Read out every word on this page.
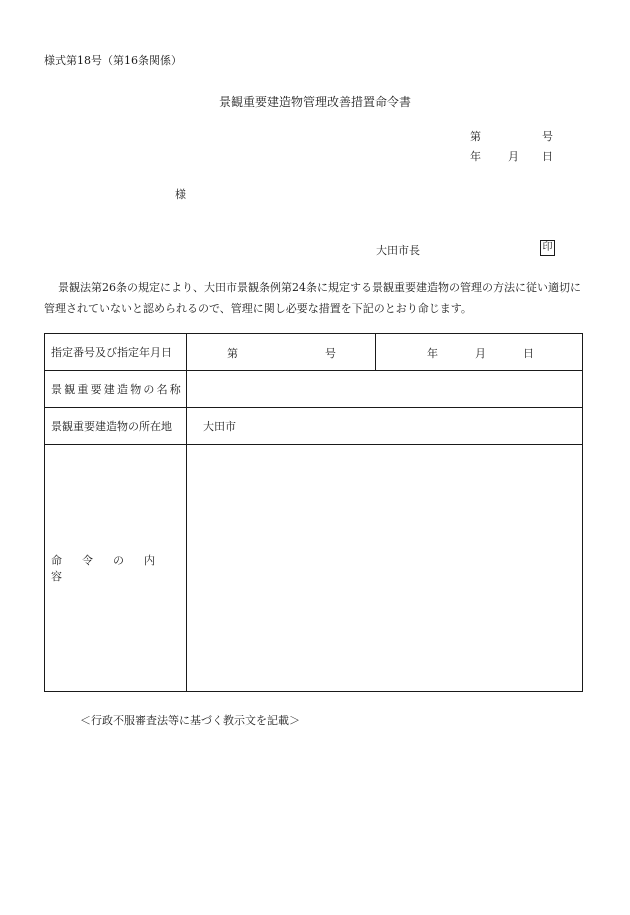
様式第18号（第16条関係）
景観重要建造物管理改善措置命令書
第	号
年 月 日
様
大田市長	印

景観法第26条の規定により、大田市景観条例第24条に規定する景観重要建造物の管理の方法に従い適切に管理されていないと認められるので、管理に関し必要な措置を下記のとおり命じます。

指定番号及び指定年月日	第 号 年 月 日

景観重要建造物の名称	
景観重要建造物の所在地	大田市
命令の内容	
＜行政不服審査法等に基づく教示文を記載＞
